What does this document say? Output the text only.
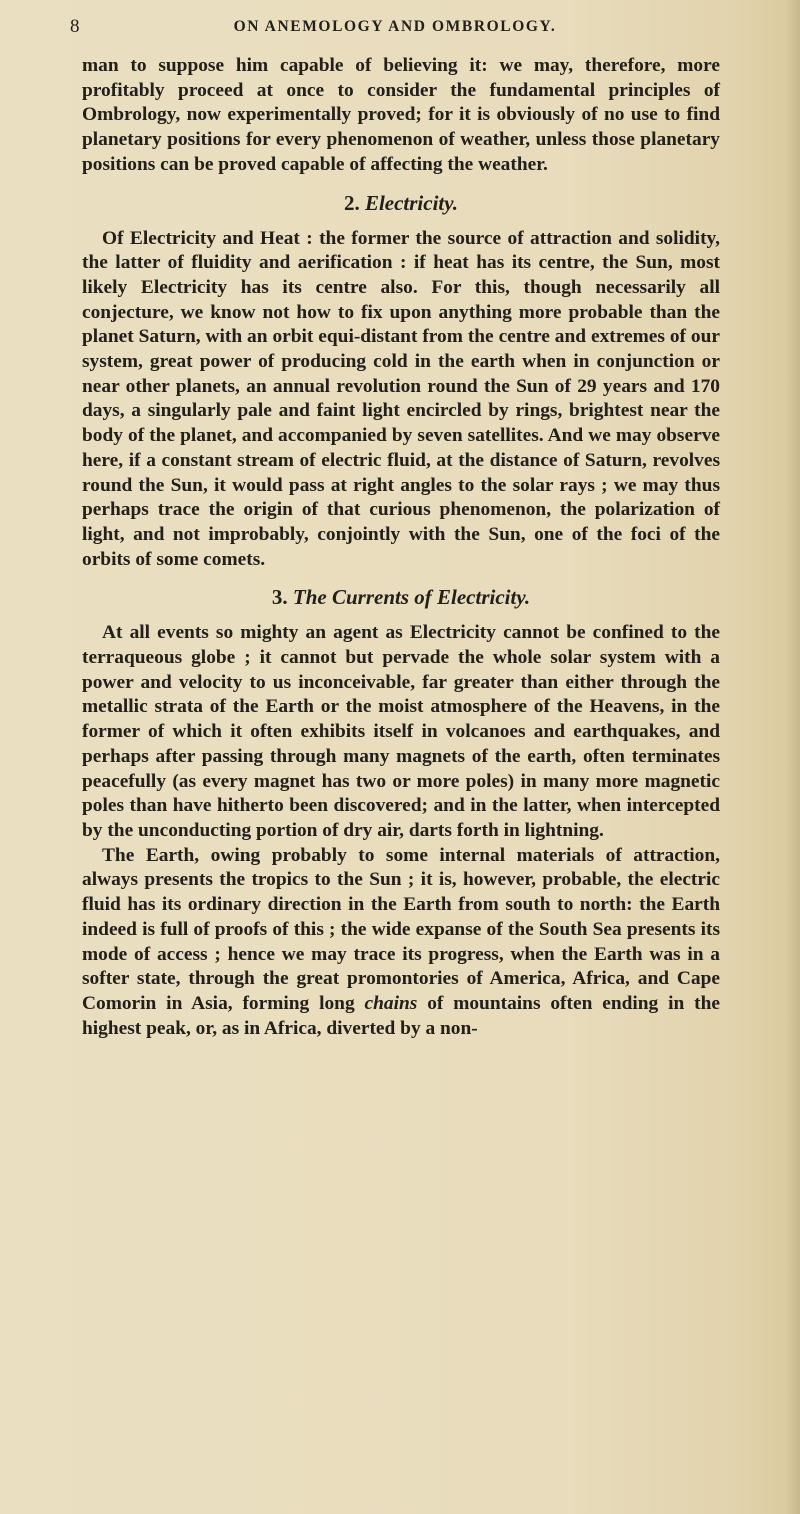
8	ON ANEMOLOGY AND OMBROLOGY.

man to suppose him capable of believing it: we may, therefore, more profitably proceed at once to consider the fundamental principles of Ombrology, now experimentally proved; for it is obviously of no use to find planetary positions for every phenomenon of weather, unless those planetary positions can be proved capable of affecting the weather.

2. Electricity.

Of Electricity and Heat : the former the source of attraction and solidity, the latter of fluidity and aerification : if heat has its centre, the Sun, most likely Electricity has its centre also. For this, though necessarily all conjecture, we know not how to fix upon anything more probable than the planet Saturn, with an orbit equi-distant from the centre and extremes of our system, great power of producing cold in the earth when in conjunction or near other planets, an annual revolution round the Sun of 29 years and 170 days, a singularly pale and faint light encircled by rings, brightest near the body of the planet, and accompanied by seven satellites. And we may observe here, if a constant stream of electric fluid, at the distance of Saturn, revolves round the Sun, it would pass at right angles to the solar rays ; we may thus perhaps trace the origin of that curious phenomenon, the polarization of light, and not improbably, conjointly with the Sun, one of the foci of the orbits of some comets.

3. The Currents of Electricity.

At all events so mighty an agent as Electricity cannot be confined to the terraqueous globe ; it cannot but pervade the whole solar system with a power and velocity to us inconceivable, far greater than either through the metallic strata of the Earth or the moist atmosphere of the Heavens, in the former of which it often exhibits itself in volcanoes and earthquakes, and perhaps after passing through many magnets of the earth, often terminates peacefully (as every magnet has two or more poles) in many more magnetic poles than have hitherto been discovered; and in the latter, when intercepted by the unconducting portion of dry air, darts forth in lightning.

The Earth, owing probably to some internal materials of attraction, always presents the tropics to the Sun ; it is, however, probable, the electric fluid has its ordinary direction in the Earth from south to north: the Earth indeed is full of proofs of this ; the wide expanse of the South Sea presents its mode of access ; hence we may trace its progress, when the Earth was in a softer state, through the great promontories of America, Africa, and Cape Comorin in Asia, forming long chains of mountains often ending in the highest peak, or, as in Africa, diverted by a non-
